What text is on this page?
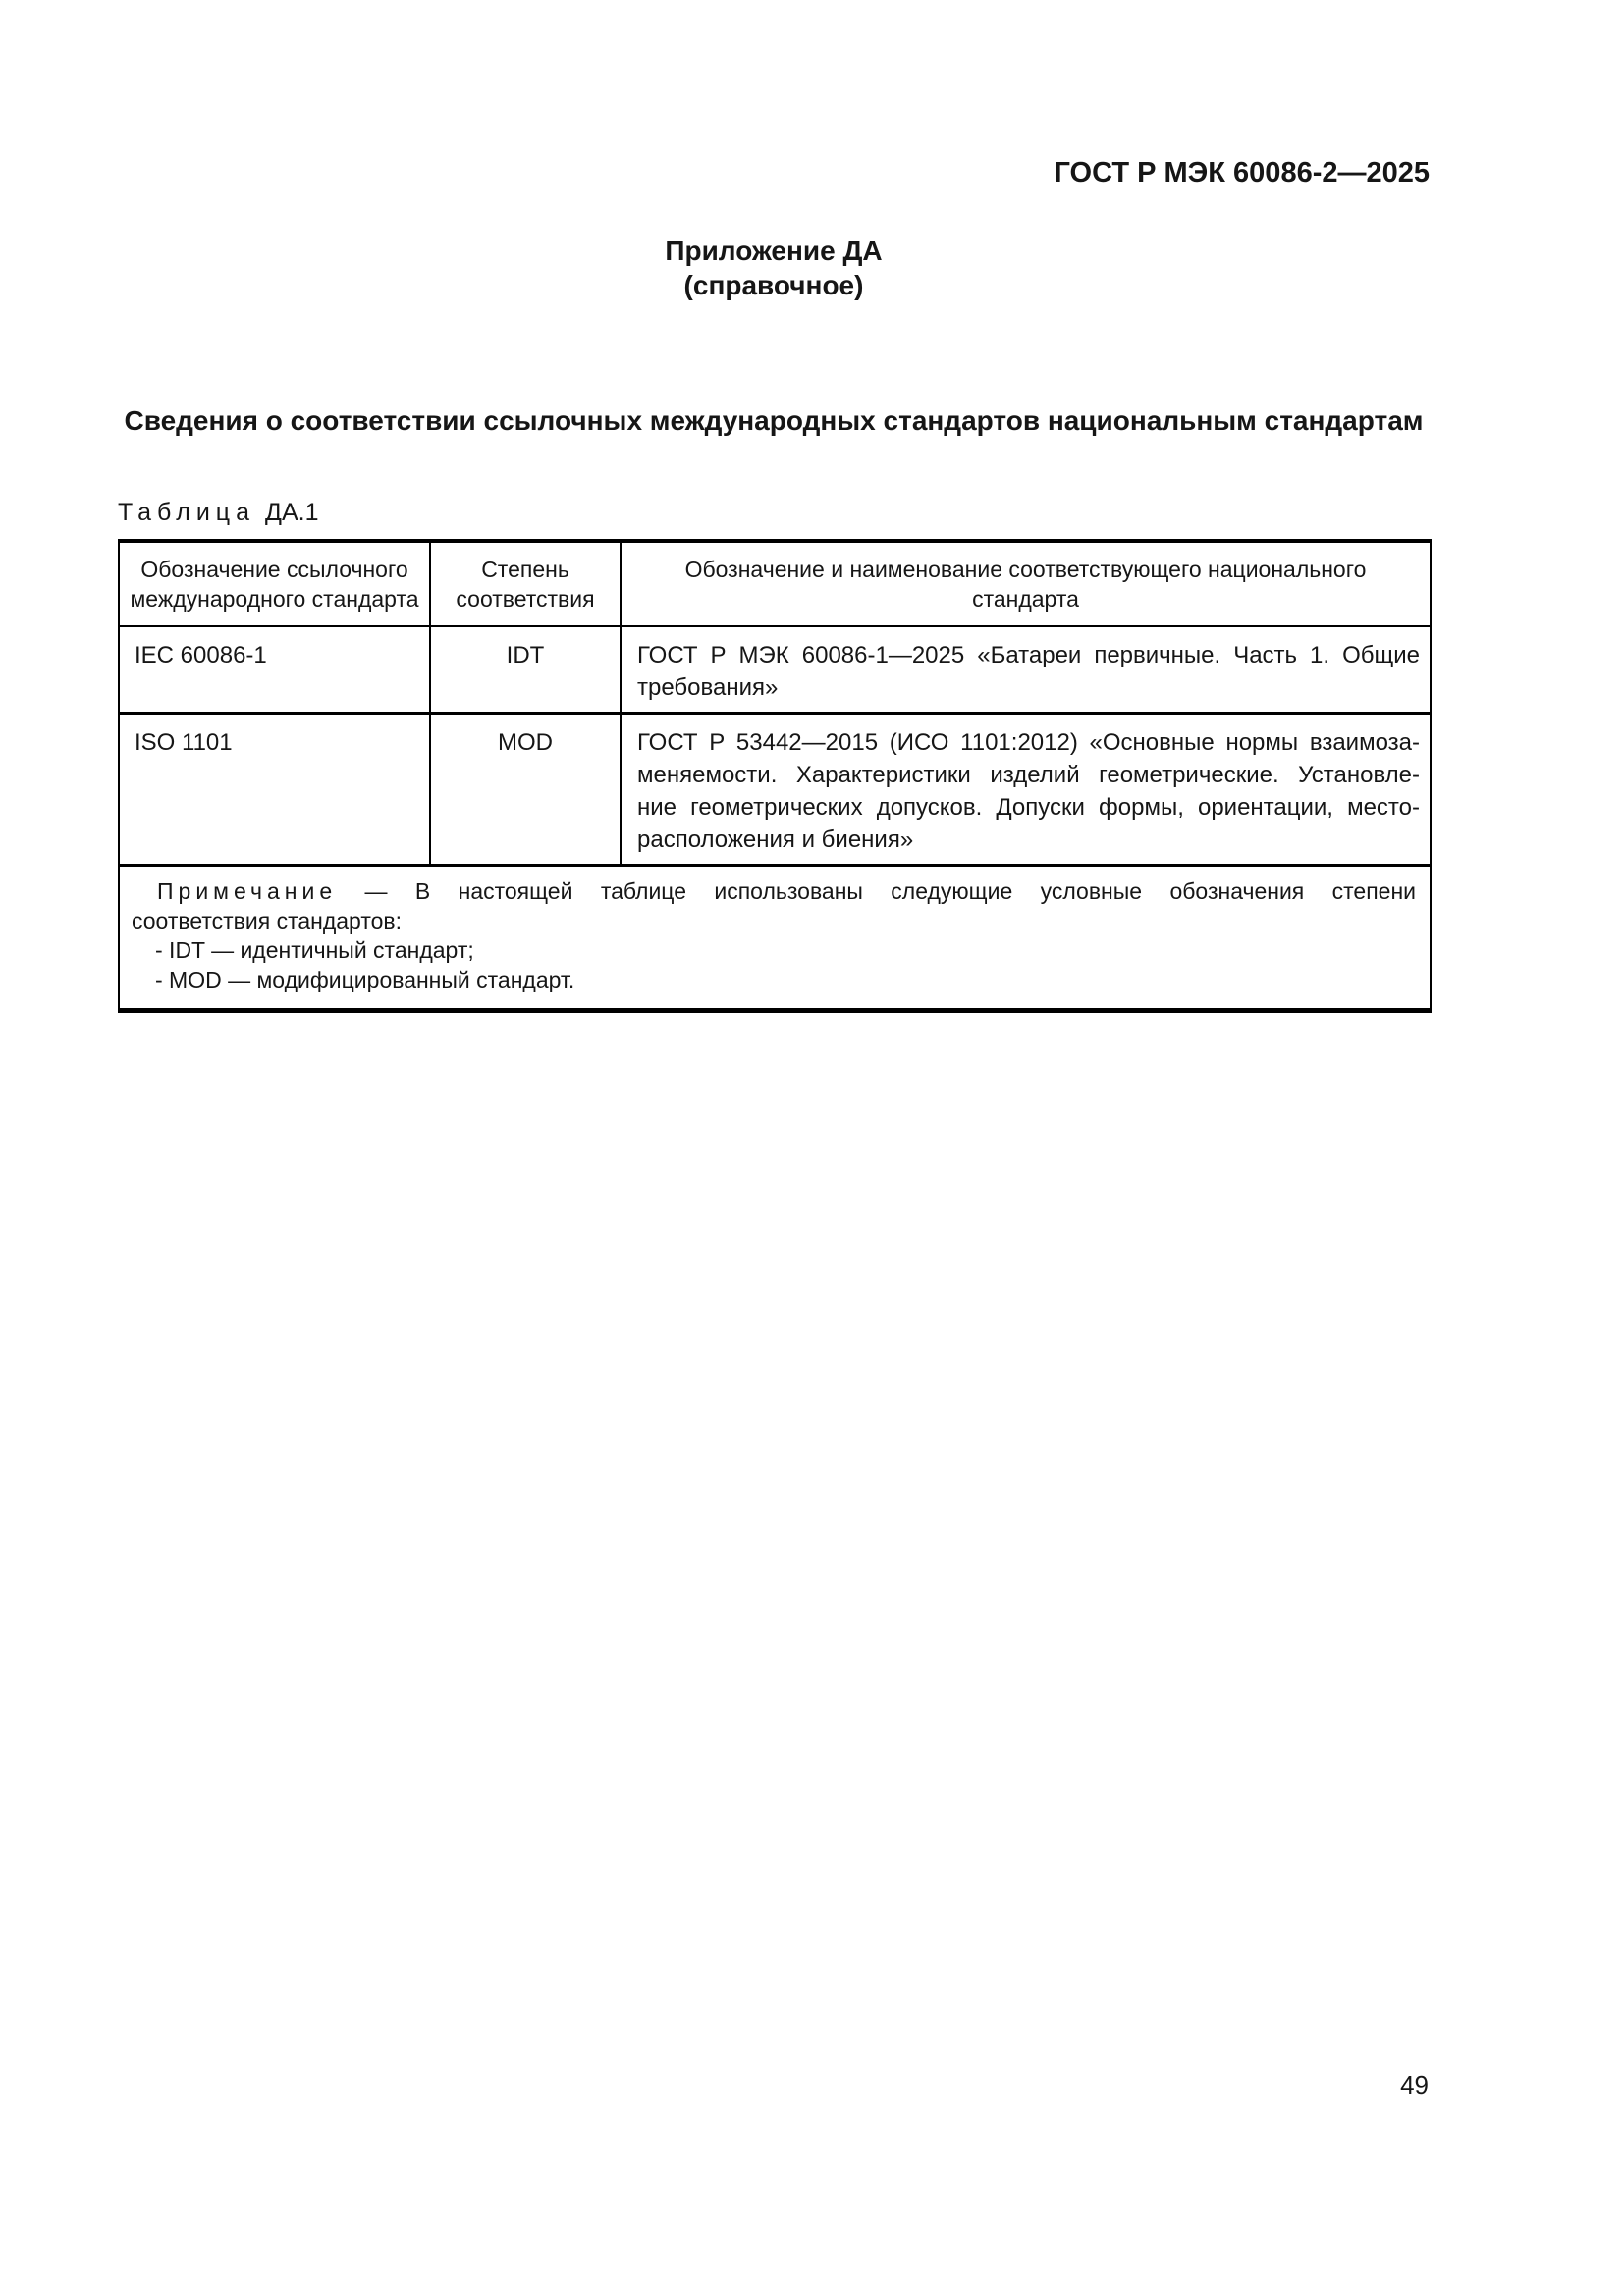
ГОСТ Р МЭК 60086-2—2025
Приложение ДА
(справочное)
Сведения о соответствии ссылочных международных стандартов национальным стандартам
Таблица ДА.1
Обозначение ссылочного международного стандарта	Степень соответствия	Обозначение и наименование соответствующего национального стандарта
IEC 60086-1	IDT	ГОСТ Р МЭК 60086-1—2025 «Батареи первичные. Часть 1. Общие
требования»

ISO 1101	MOD	ГОСТ Р 53442—2015 (ИСО 1101:2012) «Основные нормы взаимоза-
меняемости. Характеристики изделий геометрические. Установле-
ние геометрических допусков. Допуски формы, ориентации, место-
расположения и биения»

Примечание — В настоящей таблице использованы следующие условные обозначения степени
соответствия стандартов:
- IDT — идентичный стандарт;
- MOD — модифицированный стандарт.		
49
